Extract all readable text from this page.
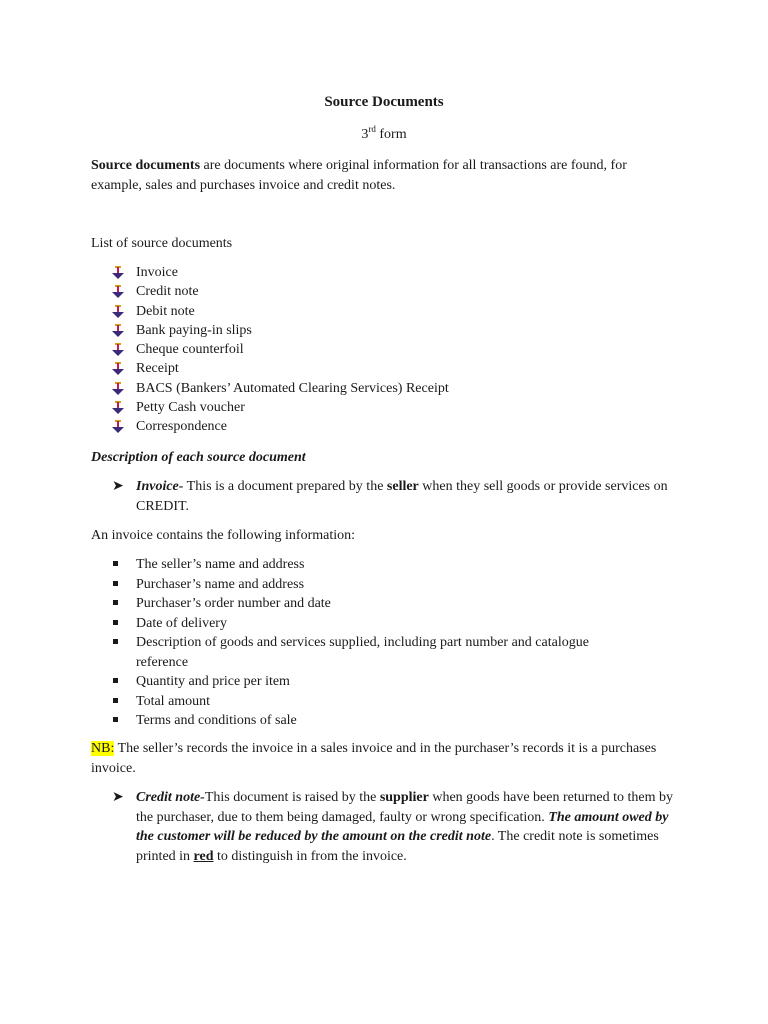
Source Documents
3rd form
Source documents are documents where original information for all transactions are found, for example, sales and purchases invoice and credit notes.
List of source documents
Invoice
Credit note
Debit note
Bank paying-in slips
Cheque counterfoil
Receipt
BACS (Bankers’ Automated Clearing Services) Receipt
Petty Cash voucher
Correspondence
Description of each source document
➤ Invoice- This is a document prepared by the seller when they sell goods or provide services on CREDIT.
An invoice contains the following information:
The seller’s name and address
Purchaser’s name and address
Purchaser’s order number and date
Date of delivery
Description of goods and services supplied, including part number and catalogue reference
Quantity and price per item
Total amount
Terms and conditions of sale
NB: The seller’s records the invoice in a sales invoice and in the purchaser’s records it is a purchases invoice.
➤ Credit note-This document is raised by the supplier when goods have been returned to them by the purchaser, due to them being damaged, faulty or wrong specification. The amount owed by the customer will be reduced by the amount on the credit note. The credit note is sometimes printed in red to distinguish in from the invoice.
